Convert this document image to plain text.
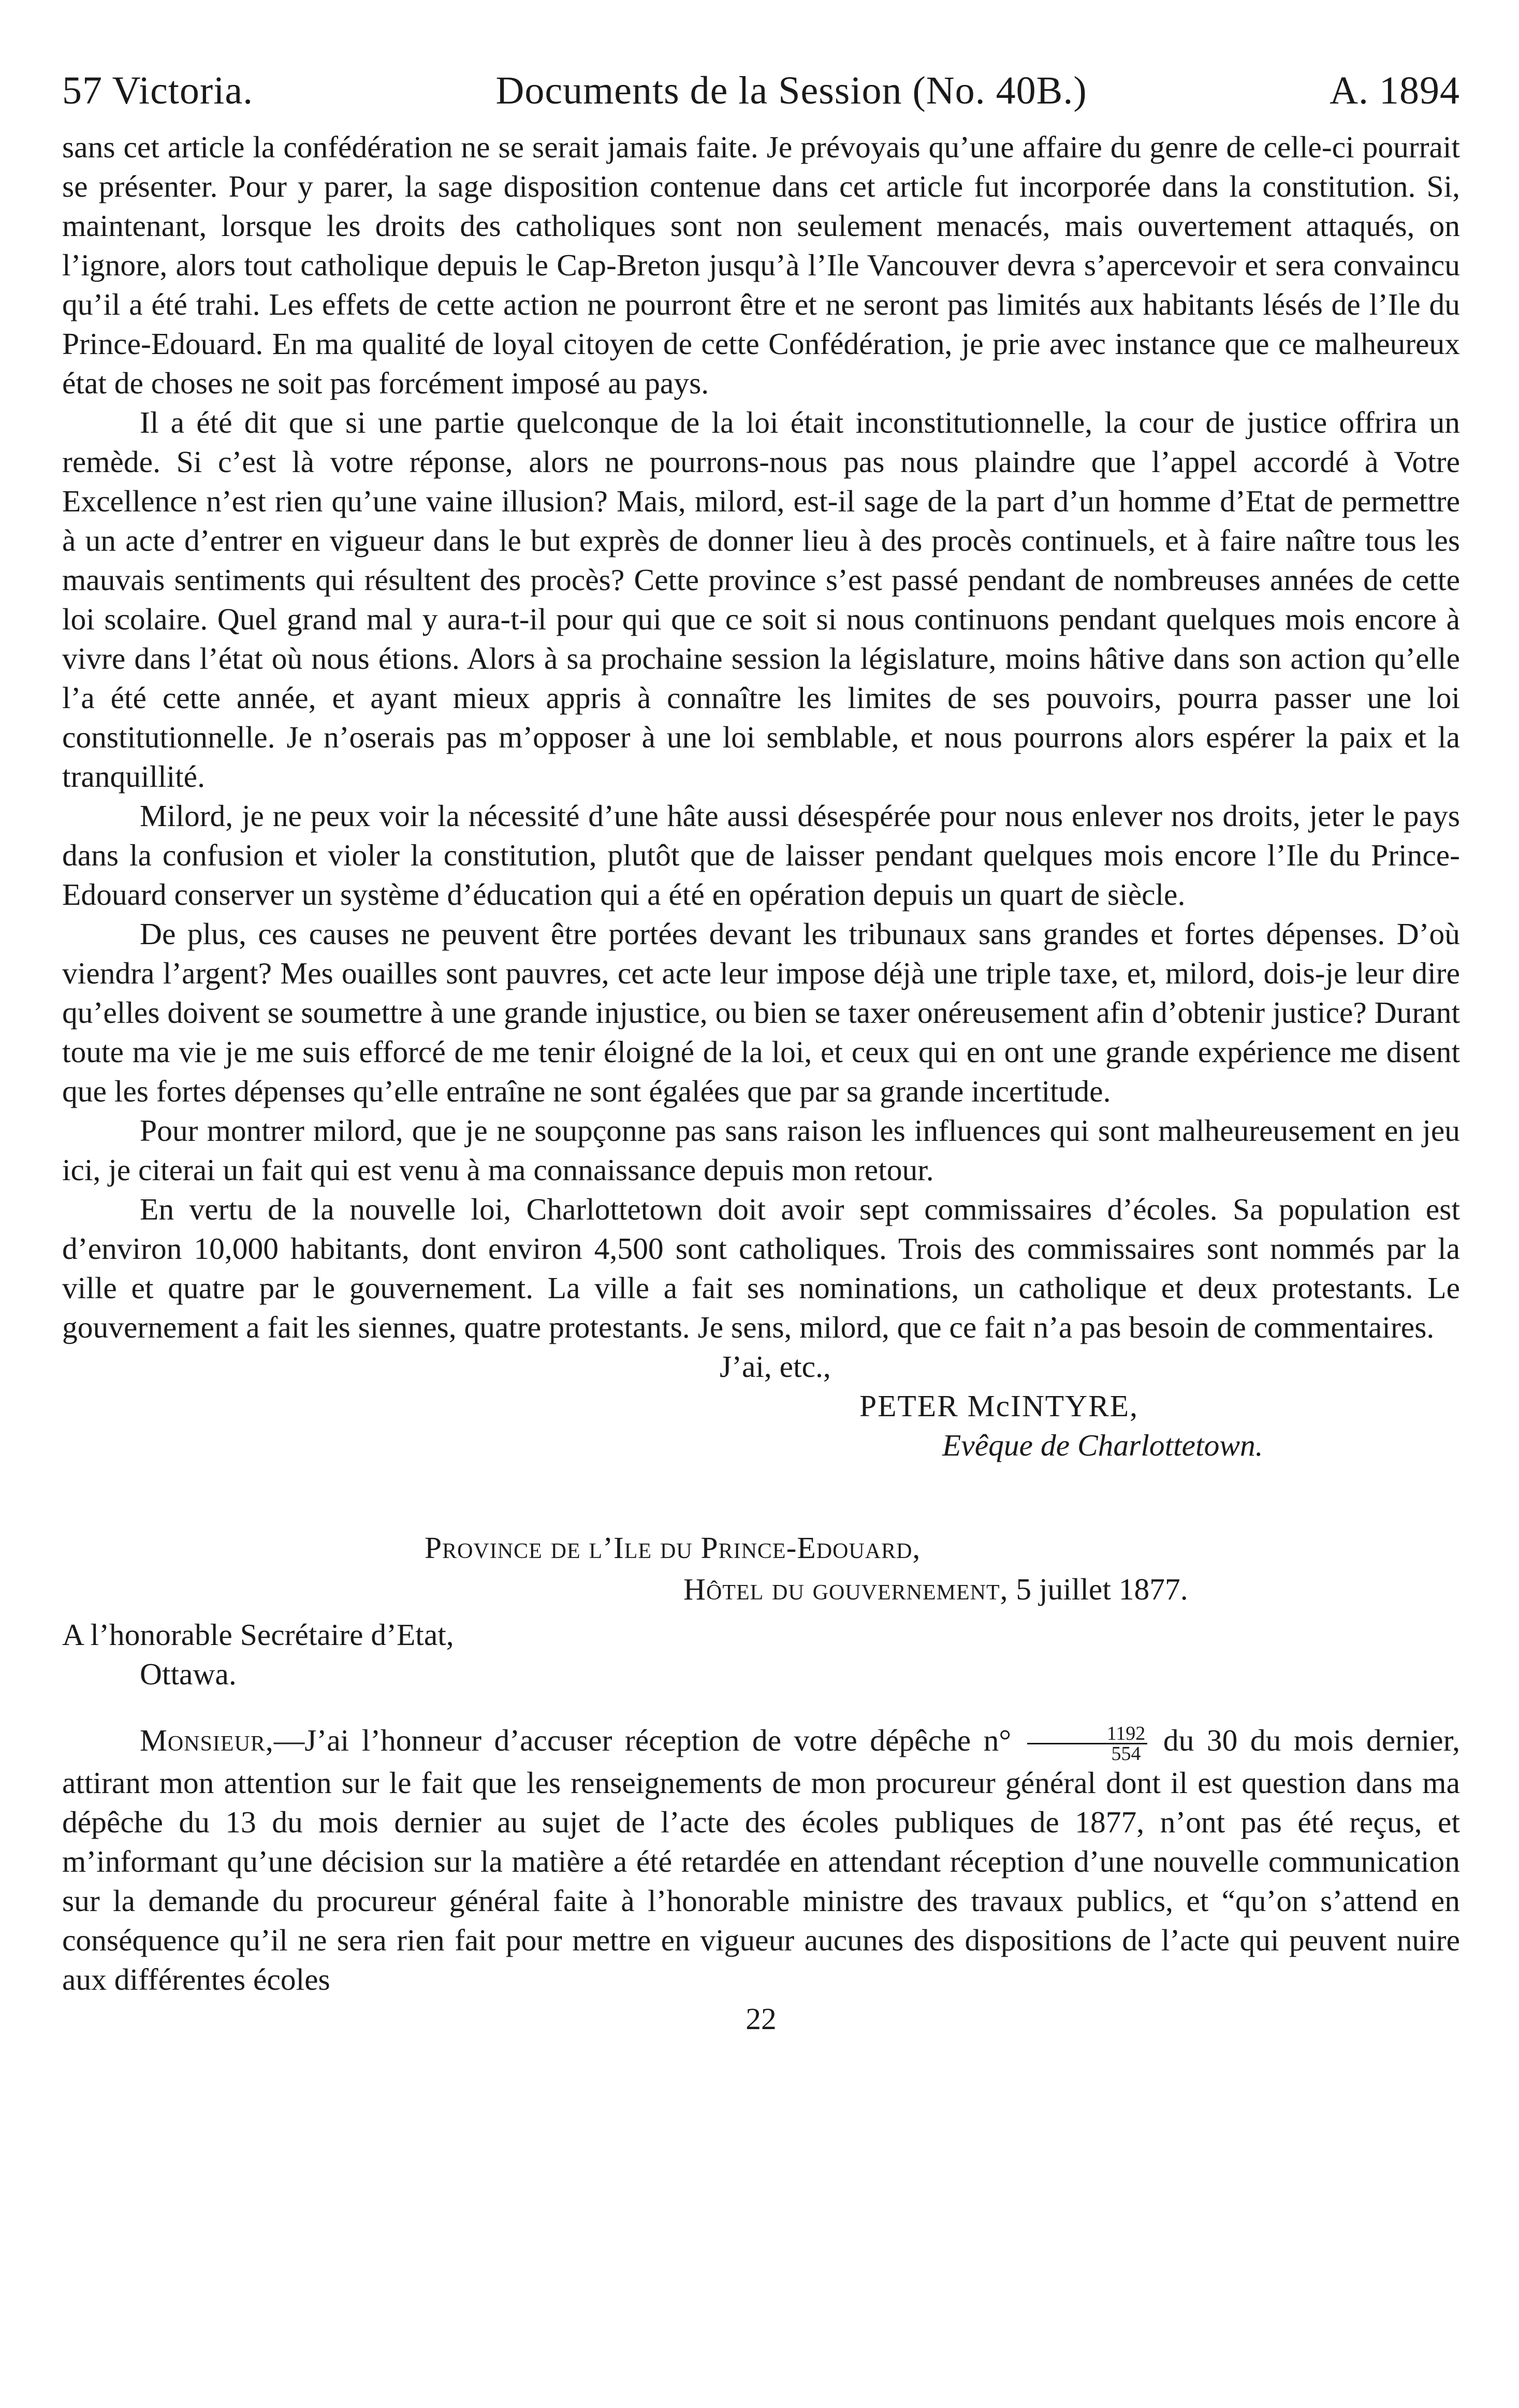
57 Victoria.	Documents de la Session (No. 40B.)	A. 1894

sans cet article la confédération ne se serait jamais faite. Je prévoyais qu’une affaire du genre de celle-ci pourrait se présenter. Pour y parer, la sage disposition contenue dans cet article fut incorporée dans la constitution. Si, maintenant, lorsque les droits des catholiques sont non seulement menacés, mais ouvertement attaqués, on l’ignore, alors tout catholique depuis le Cap-Breton jusqu’à l’Ile Vancouver devra s’apercevoir et sera convaincu qu’il a été trahi. Les effets de cette action ne pourront être et ne seront pas limités aux habitants lésés de l’Ile du Prince-Edouard. En ma qualité de loyal citoyen de cette Confédération, je prie avec instance que ce malheureux état de choses ne soit pas forcément imposé au pays.

Il a été dit que si une partie quelconque de la loi était inconstitutionnelle, la cour de justice offrira un remède. Si c’est là votre réponse, alors ne pourrons-nous pas nous plaindre que l’appel accordé à Votre Excellence n’est rien qu’une vaine illusion? Mais, milord, est-il sage de la part d’un homme d’Etat de permettre à un acte d’entrer en vigueur dans le but exprès de donner lieu à des procès continuels, et à faire naître tous les mauvais sentiments qui résultent des procès? Cette province s’est passé pendant de nombreuses années de cette loi scolaire. Quel grand mal y aura-t-il pour qui que ce soit si nous continuons pendant quelques mois encore à vivre dans l’état où nous étions. Alors à sa prochaine session la législature, moins hâtive dans son action qu’elle l’a été cette année, et ayant mieux appris à connaître les limites de ses pouvoirs, pourra passer une loi constitutionnelle. Je n’oserais pas m’opposer à une loi semblable, et nous pourrons alors espérer la paix et la tranquillité.

Milord, je ne peux voir la nécessité d’une hâte aussi désespérée pour nous enlever nos droits, jeter le pays dans la confusion et violer la constitution, plutôt que de laisser pendant quelques mois encore l’Ile du Prince-Edouard conserver un système d’éducation qui a été en opération depuis un quart de siècle.

De plus, ces causes ne peuvent être portées devant les tribunaux sans grandes et fortes dépenses. D’où viendra l’argent? Mes ouailles sont pauvres, cet acte leur impose déjà une triple taxe, et, milord, dois-je leur dire qu’elles doivent se soumettre à une grande injustice, ou bien se taxer onéreusement afin d’obtenir justice? Durant toute ma vie je me suis efforcé de me tenir éloigné de la loi, et ceux qui en ont une grande expérience me disent que les fortes dépenses qu’elle entraîne ne sont égalées que par sa grande incertitude.

Pour montrer milord, que je ne soupçonne pas sans raison les influences qui sont malheureusement en jeu ici, je citerai un fait qui est venu à ma connaissance depuis mon retour.

En vertu de la nouvelle loi, Charlottetown doit avoir sept commissaires d’écoles. Sa population est d’environ 10,000 habitants, dont environ 4,500 sont catholiques. Trois des commissaires sont nommés par la ville et quatre par le gouvernement. La ville a fait ses nominations, un catholique et deux protestants. Le gouvernement a fait les siennes, quatre protestants. Je sens, milord, que ce fait n’a pas besoin de commentaires.

J’ai, etc.,
PETER McINTYRE,
Evêque de Charlottetown.
Province de l’Ile du Prince-Edouard,
Hôtel du gouvernement, 5 juillet 1877.
A l’honorable Secrétaire d’Etat,
Ottawa.

Monsieur,—J’ai l’honneur d’accuser réception de votre dépêche $n^\circ \frac{1192}{554}$ du 30 du mois dernier, attirant mon attention sur le fait que les renseignements de mon procureur général dont il est question dans ma dépêche du 13 du mois dernier au sujet de l’acte des écoles publiques de 1877, n’ont pas été reçus, et m’informant qu’une décision sur la matière a été retardée en attendant réception d’une nouvelle communication sur la demande du procureur général faite à l’honorable ministre des travaux publics, et “qu’on s’attend en conséquence qu’il ne sera rien fait pour mettre en vigueur aucunes des dispositions de l’acte qui peuvent nuire aux différentes écoles

22
